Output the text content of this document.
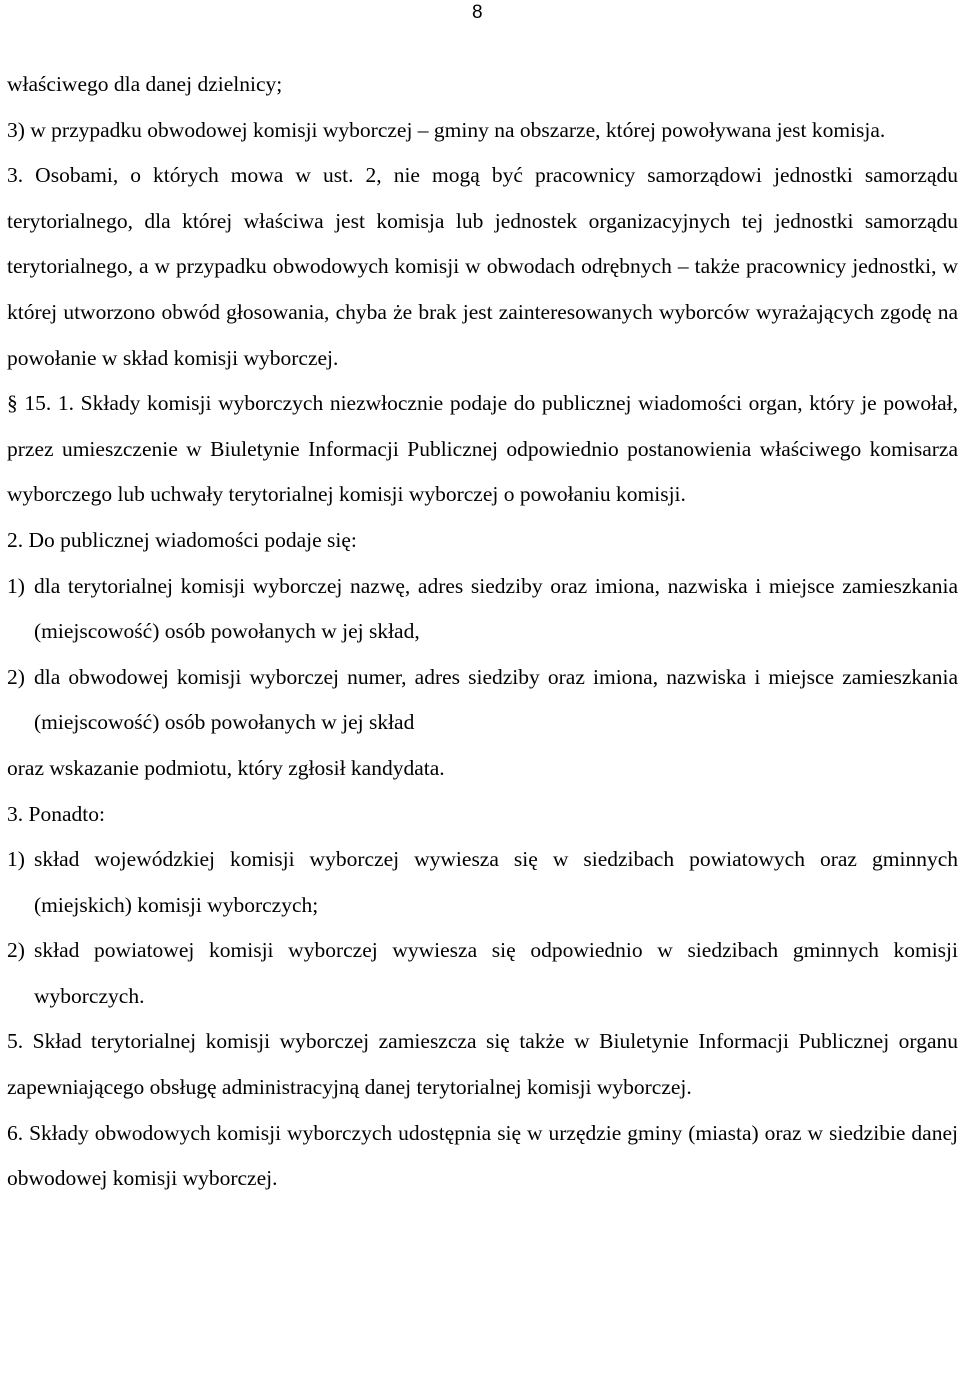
8

właściwego dla danej dzielnicy;

3) w przypadku obwodowej komisji wyborczej – gminy na obszarze, której powoływana jest komisja.

3. Osobami, o których mowa w ust. 2, nie mogą być pracownicy samorządowi jednostki samorządu terytorialnego, dla której właściwa jest komisja lub jednostek organizacyjnych tej jednostki samorządu terytorialnego, a w przypadku obwodowych komisji w obwodach odrębnych – także pracownicy jednostki, w której utworzono obwód głosowania, chyba że brak jest zainteresowanych wyborców wyrażających zgodę na powołanie w skład komisji wyborczej.

§ 15. 1. Składy komisji wyborczych niezwłocznie podaje do publicznej wiadomości organ, który je powołał, przez umieszczenie w Biuletynie Informacji Publicznej odpowiednio postanowienia właściwego komisarza wyborczego lub uchwały terytorialnej komisji wyborczej o powołaniu komisji.

2. Do publicznej wiadomości podaje się:

1) dla terytorialnej komisji wyborczej nazwę, adres siedziby oraz imiona, nazwiska i miejsce zamieszkania (miejscowość) osób powołanych w jej skład,
2) dla obwodowej komisji wyborczej numer, adres siedziby oraz imiona, nazwiska i miejsce zamieszkania (miejscowość) osób powołanych w jej skład

oraz wskazanie podmiotu, który zgłosił kandydata.

3. Ponadto:

1) skład wojewódzkiej komisji wyborczej wywiesza się w siedzibach powiatowych oraz gminnych (miejskich) komisji wyborczych;
2) skład powiatowej komisji wyborczej wywiesza się odpowiednio w siedzibach gminnych komisji wyborczych.

5. Skład terytorialnej komisji wyborczej zamieszcza się także w Biuletynie Informacji Publicznej organu zapewniającego obsługę administracyjną danej terytorialnej komisji wyborczej.

6. Składy obwodowych komisji wyborczych udostępnia się w urzędzie gminy (miasta) oraz w siedzibie danej obwodowej komisji wyborczej.
